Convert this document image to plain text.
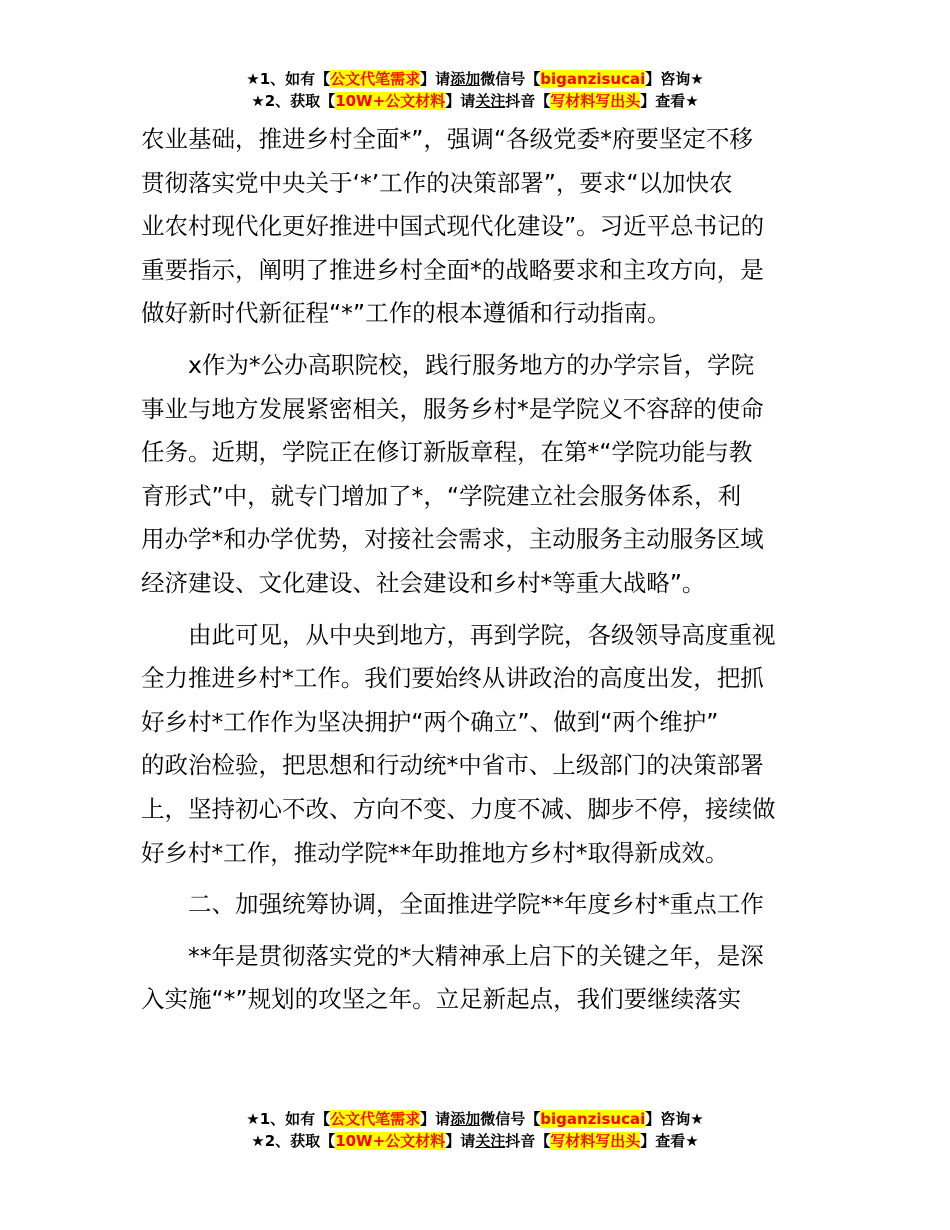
★1、如有【公文代笔需求】请添加微信号【biganzisucai】咨询★
★2、获取【10W+公文材料】请关注抖音【写材料写出头】查看★
农业基础，推进乡村全面*”，强调“各级党委*府要坚定不移
贯彻落实党中央关于‘*’工作的决策部署”，要求“以加快农
业农村现代化更好推进中国式现代化建设”。习近平总书记的
重要指示，阐明了推进乡村全面*的战略要求和主攻方向，是
做好新时代新征程“*”工作的根本遵循和行动指南。
x作为*公办高职院校，践行服务地方的办学宗旨，学院
事业与地方发展紧密相关，服务乡村*是学院义不容辞的使命
任务。近期，学院正在修订新版章程，在第*“学院功能与教
育形式”中，就专门增加了*，“学院建立社会服务体系，利
用办学*和办学优势，对接社会需求，主动服务主动服务区域
经济建设、文化建设、社会建设和乡村*等重大战略”。
由此可见，从中央到地方，再到学院，各级领导高度重视
全力推进乡村*工作。我们要始终从讲政治的高度出发，把抓
好乡村*工作作为坚决拥护“两个确立”、做到“两个维护”
的政治检验，把思想和行动统*中省市、上级部门的决策部署
上，坚持初心不改、方向不变、力度不减、脚步不停，接续做
好乡村*工作，推动学院**年助推地方乡村*取得新成效。
二、加强统筹协调，全面推进学院**年度乡村*重点工作
**年是贯彻落实党的*大精神承上启下的关键之年，是深
入实施“*”规划的攻坚之年。立足新起点，我们要继续落实
★1、如有【公文代笔需求】请添加微信号【biganzisucai】咨询★
★2、获取【10W+公文材料】请关注抖音【写材料写出头】查看★
